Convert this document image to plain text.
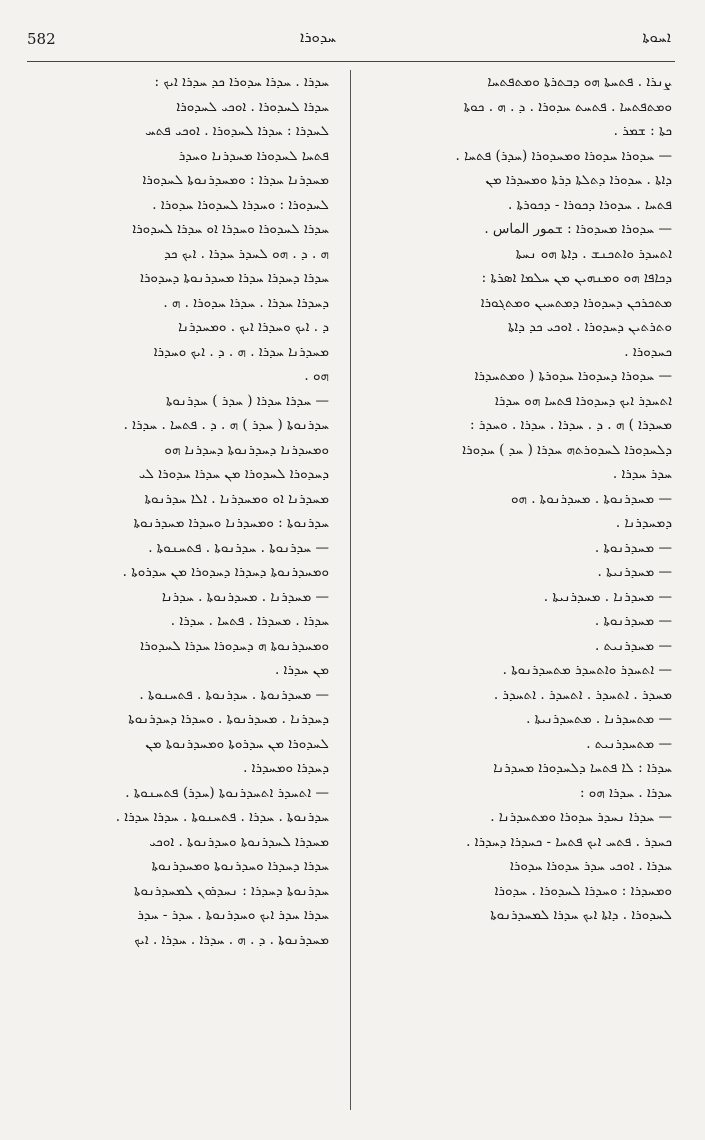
582	ܚܕܘܪܐ	ܐܚܘܬܐ
ܨܢܪܐ . ܦܬܚܬܐ ܗܘ ܕܒܬܪܬܐ ܘܡܬܦܬܚܐ
ܘܡܬܦܬܚܐ . ܦܬܚܬ ܚܕܘܪܐ . ܕ . ܗ . ܟܘܬܐ
ܟܬܐ : ܫܡܪ .
— ܚܕܘܪܐ ܚܕܘܪܐ ܘܡܚܕܘܪܐ (ܚܕܪ) ܦܬܚܐ .
ܕܐܬܐ . ܚܕܘܪܐ ܕܬܠܬܐ ܕܪܬܐ ܘܡܚܕܪܐ ܡܢ
ܦܬܚܐ . ܚܕܘܪܐ ܕܟܘܪܐ - ܕܟܘܪܬܐ .
— ܚܕܘܪܐ ܡܚܕܘܪܐ : ܫمور الماس .
ܐܬܚܕܪ ܘܐܬܟܢܫ . ܕܐܬܐ ܗܘ ܢܚܬܐ
ܕܟܐܦܐ ܗܘ ܘܡܢܗܝܢ ܡܢ ܚܠܡܐ ܐܣܪܬܐ :
ܡܬܟܪܟܢ ܕܚܕܘܪܐ ܕܡܬܚܝܢ ܘܡܬܓܘܪܐ
ܘܬܪܬܝܢ ܕܚܕܘܪܐ . ܐܘܟܝ ܟܕ ܕܐܬܐ
ܟܚܕܘܪܐ .
— ܚܕܘܪܐ ܕܚܕܘܪܐ ܚܕܘܪܬܐ ( ܘܡܬܚܕܪܐ
ܐܬܚܕܪ ܐܝܟ ܕܚܕܘܪܐ ܦܬܚܐ ܗܘ ܚܕܪܐ
ܡܚܕܪܐ ) ܗ . ܕ . ܚܕܪܐ . ܚܕܪܐ . ܘܚܕܪ :
ܕܠܚܕܘܪܐ ܠܚܕܘܪܬܗ ܚܕܪܐ ( ܚܕ ) ܚܕܘܪܐ
ܚܕܪ ܚܕܪܐ .
— ܡܚܕܪܢܘܬܐ . ܡܚܕܪܢܘܬܐ . ܗܘ
ܕܡܚܕܪܢܐ .
— ܡܚܕܪܢܘܬܐ .
— ܡܚܕܪܢܝܬܐ .
— ܡܚܕܪܢܐ . ܡܚܕܪܢܝܬܐ .
— ܡܚܕܪܢܘܬܐ .
— ܡܚܕܪܢܝܬ .
— ܐܬܚܕܪ ܘܐܬܚܕܪ ܡܬܚܕܪܢܘܬܐ .
ܡܚܕܪ . ܐܬܚܕܪ . ܐܬܚܕܪ . ܐܬܚܕܪ .
— ܡܬܚܕܪܢܐ . ܡܬܚܕܪܢܝܬܐ .
— ܡܬܚܕܪܢܝܬ .
ܚܕܪܐ : ܠܐ ܦܬܚܐ ܕܠܚܕܘܪܐ ܡܚܕܪܢܐ
ܚܕܪܐ . ܚܕܪܐ ܗܘ :
— ܚܕܪܐ ܢܚܕܪ ܚܕܘܪܐ ܘܡܬܚܕܪܢܐ .
ܟܚܕܪ . ܦܬܚ ܐܝܟ ܦܬܚܐ - ܟܚܕܪܐ ܕܚܕܪܐ .
ܚܕܪܐ . ܐܘܟܝ ܚܕܪ ܚܕܘܪܐ ܚܕܘܪܐ
ܘܡܚܕܪܐ : ܘܚܕܪܐ ܠܚܕܘܪܐ . ܚܕܘܪܐ
ܠܚܕܘܪܐ . ܕܐܬܐ ܐܝܟ ܚܕܪܐ ܠܡܚܕܪܢܘܬܐ
ܚܕܪܐ . ܚܕܪܐ ܚܕܘܪܐ ܟܕ ܚܕܪܐ ܐܝܟ :
ܚܕܪܐ ܠܚܕܘܪܐ . ܐܘܟܝ ܠܚܕܘܪܐ
ܠܚܕܪܐ : ܚܕܪܐ ܠܚܕܘܪܐ . ܐܘܟܝ ܦܬܚ
ܦܬܚܐ ܠܚܕܘܪܐ ܡܚܕܪܢܐ ܘܚܕܪ
ܡܚܕܪܢܐ ܚܕܪܐ : ܘܡܚܕܪܢܘܬܐ ܠܚܕܘܪܐ
ܠܚܕܘܪܐ : ܘܚܕܪܐ ܠܚܕܘܪܐ ܚܕܘܪܐ .
ܚܕܪܐ ܠܚܕܘܪܐ ܘܚܕܪܐ ܐܘ ܚܕܪܐ ܠܚܕܘܪܐ
ܗ . ܕ . ܗܘ ܠܚܕܪ ܚܕܪܐ . ܐܝܟ ܟܕ
ܚܕܪܐ ܕܚܕܪܐ ܚܕܪܐ ܡܚܕܪܢܘܬܐ ܕܚܕܘܪܐ
ܕܚܕܪܐ ܚܕܪܐ . ܚܕܪܐ ܚܕܘܪܐ . ܗ .
ܕ . ܐܝܟ ܘܚܕܪܐ ܐܝܟ . ܘܡܚܕܪܢܐ
ܡܚܕܪܢܐ ܚܕܪܐ . ܗ . ܕ . ܐܝܟ ܘܚܕܪܐ
ܗܘ .
— ܚܕܪܐ ܚܕܪܐ ( ܚܕܪ ) ܚܕܪܢܘܬܐ
ܚܕܪܢܘܬܐ ( ܚܕܪ ) ܗ . ܕ . ܦܬܚܐ . ܚܕܪܐ .
ܘܡܚܕܪܢܐ ܕܚܕܪܢܘܬܐ ܕܚܕܪܢܐ ܗܘ
ܕܚܕܘܪܐ ܠܚܕܘܪܐ ܡܢ ܚܕܪܐ ܚܕܘܪܐ ܠܝ
ܡܚܕܪܢܐ ܐܘ ܘܡܚܕܪܢܐ . ܐܠܐ ܚܕܪܢܘܬܐ
ܚܕܪܢܘܬܐ : ܘܡܚܕܪܢܐ ܘܚܕܪܐ ܡܚܕܪܢܘܬܐ
— ܚܕܪܢܘܬܐ . ܚܕܪܢܘܬܐ . ܦܬܚܢܘܬܐ .
ܘܡܚܕܪܢܘܬܐ ܕܚܕܪܐ ܕܚܕܘܪܐ ܡܢ ܚܕܪܘܬܐ .
— ܡܚܕܪܢܐ . ܡܚܕܪܢܘܬܐ . ܚܕܪܢܐ
ܚܕܪܐ . ܡܚܕܪܐ . ܦܬܚܐ . ܚܕܪܐ .
ܘܡܚܕܪܢܘܬܐ ܗ ܕܚܕܘܪܐ ܚܕܪܐ ܠܚܕܘܪܐ
ܡܢ ܚܕܪܐ .
— ܡܚܕܪܢܘܬܐ . ܚܕܪܢܘܬܐ . ܦܬܚܢܘܬܐ .
ܕܚܕܪܢܐ . ܡܚܕܪܢܘܬܐ . ܘܚܕܪܐ ܕܚܕܪܢܘܬܐ
ܠܚܕܘܪܐ ܡܢ ܚܕܪܘܬܐ ܘܡܚܕܪܢܘܬܐ ܡܢ
ܕܚܕܪܐ ܘܡܚܕܪܐ .
— ܐܬܚܕܪ ܐܬܚܕܪܢܘܬܐ (ܚܕܪ) ܦܬܚܢܘܬܐ .
ܚܕܪܢܘܬܐ . ܚܕܪܐ . ܦܬܚܢܘܬܐ . ܚܕܪܐ ܚܕܪܐ .
ܡܚܕܪܐ ܠܚܕܪܢܘܬܐ ܘܚܕܪܢܘܬܐ . ܐܘܟܝ
ܚܕܪܐ ܕܚܕܪܐ ܘܚܕܪܢܘܬܐ ܘܡܚܕܪܢܘܬܐ
ܚܕܪܢܘܬܐ ܕܚܕܪܐ : ܢܚܕܪܘܢ ܠܡܚܕܪܢܘܬܐ
ܚܕܪܐ ܚܕܪ ܐܝܟ ܘܚܕܪܢܘܬܐ . ܚܕܪ - ܚܕܪ
ܡܚܕܪܢܘܬܐ . ܕ . ܗ . ܚܕܪܐ . ܚܕܪܐ . ܐܝܟ
